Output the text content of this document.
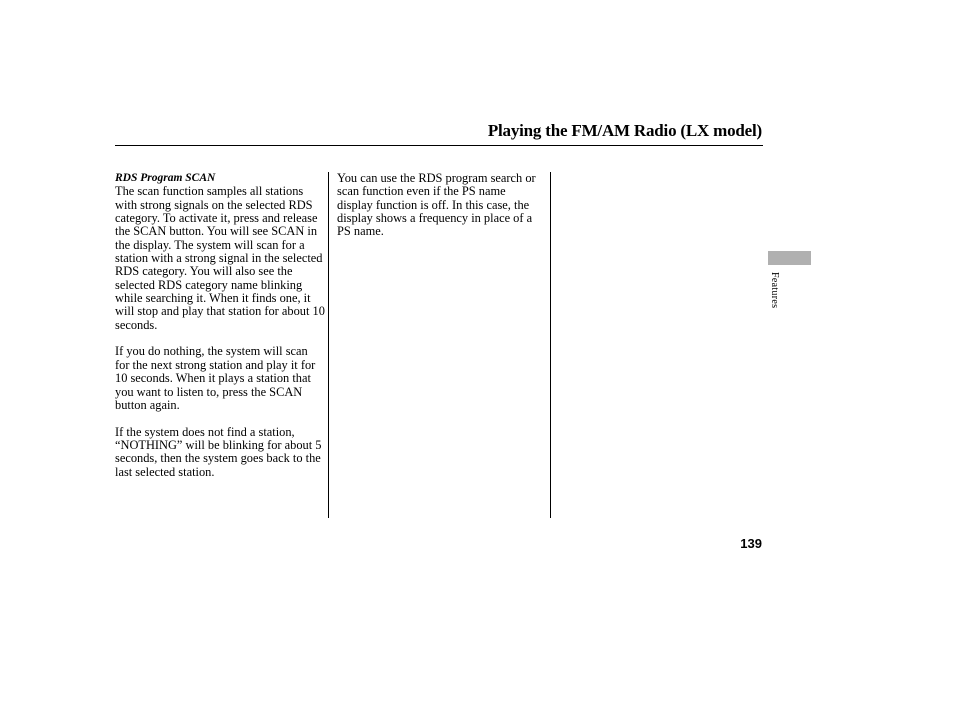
Playing the FM/AM Radio (LX model)
RDS Program SCAN

The scan function samples all stations with strong signals on the selected RDS category. To activate it, press and release the SCAN button. You will see SCAN in the display. The system will scan for a station with a strong signal in the selected RDS category. You will also see the selected RDS category name blinking while searching it. When it finds one, it will stop and play that station for about 10 seconds.

If you do nothing, the system will scan for the next strong station and play it for 10 seconds. When it plays a station that you want to listen to, press the SCAN button again.

If the system does not find a station, “NOTHING” will be blinking for about 5 seconds, then the system goes back to the last selected station.

You can use the RDS program search or scan function even if the PS name display function is off. In this case, the display shows a frequency in place of a PS name.

Features
139
